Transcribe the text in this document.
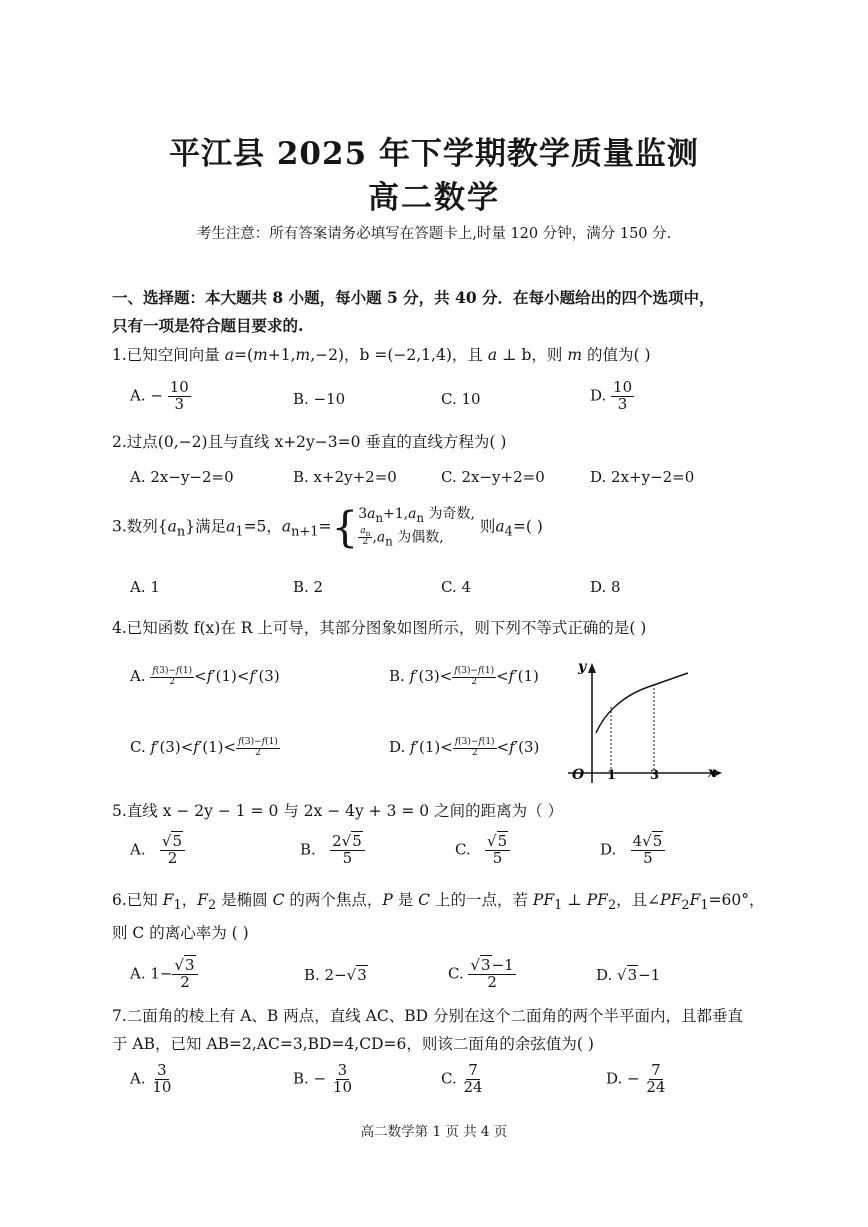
平江县 2025 年下学期教学质量监测
高二数学
考生注意：所有答案请务必填写在答题卡上,时量 120 分钟，满分 150 分.
一、选择题：本大题共 8 小题，每小题 5 分，共 40 分．在每小题给出的四个选项中，
只有一项是符合题目要求的.
1.已知空间向量 a=(m+1,m,−2)，b =(−2,1,4)，且 a ⊥ b，则 m 的值为( )
A. − $\frac{10}{3}$	B. −10	C. 10	D. $\frac{10}{3}$
2.过点(0,−2)且与直线 x+2y−3=0 垂直的直线方程为( )
A. 2x−y−2=0	B. x+2y+2=0	C. 2x−y+2=0	D. 2x+y−2=0
3.数列$\{a_n\}$满足$a_1=5$，$a_{n+1}=${ $3a_n+1,a_n$ 为奇数,
$\frac{a_n}{2} ,a_n$ 为偶数,
则$a_4=$( )
A. 1	B. 2	C. 4	D. 8
4.已知函数 f(x)在 R 上可导，其部分图象如图所示，则下列不等式正确的是( )
A. $\frac{f(3)-f(1)}{2} <f'(1)<f'(3)$	B. $f'(3)< \frac{f(3)-f(1)}{2} <f'(1)$
C. $f'(3)<f'(1)< \frac{f(3)-f(1)}{2}$	D. $f'(1)< \frac{f(3)-f(1)}{2} <f'(3)$
y
x
O 1	3
5.直线 x − 2y − 1 = 0 与 2x − 4y + 3 = 0 之间的距离为（ ）
A. $\frac{√5}{2}$	B. $\frac{2√5}{5}$	C. $\frac{√5}{5}$	D. $\frac{4√5}{5}$
6.已知 $F_1$，$F_2$ 是椭圆 C 的两个焦点，P 是 C 上的一点，若 $PF_1$ ⊥ $PF_2$，且$\angle PF_2F_1=60^\circ$，
则 C 的离心率为 ( )
A. $1- \frac{√3}{2}$	B. 2−√3	C. $\frac{√3-1}{2}$	D. √3−1
7.二面角的棱上有 A、B 两点，直线 AC、BD 分别在这个二面角的两个半平面内，且都垂直
于 AB，已知 AB=2,AC=3,BD=4,CD=6，则该二面角的余弦值为( )
A. $\frac{3}{10}$	B. − $\frac{3}{10}$	C. $\frac{7}{24}$	D. − $\frac{7}{24}$
高二数学第 1 页 共 4 页
